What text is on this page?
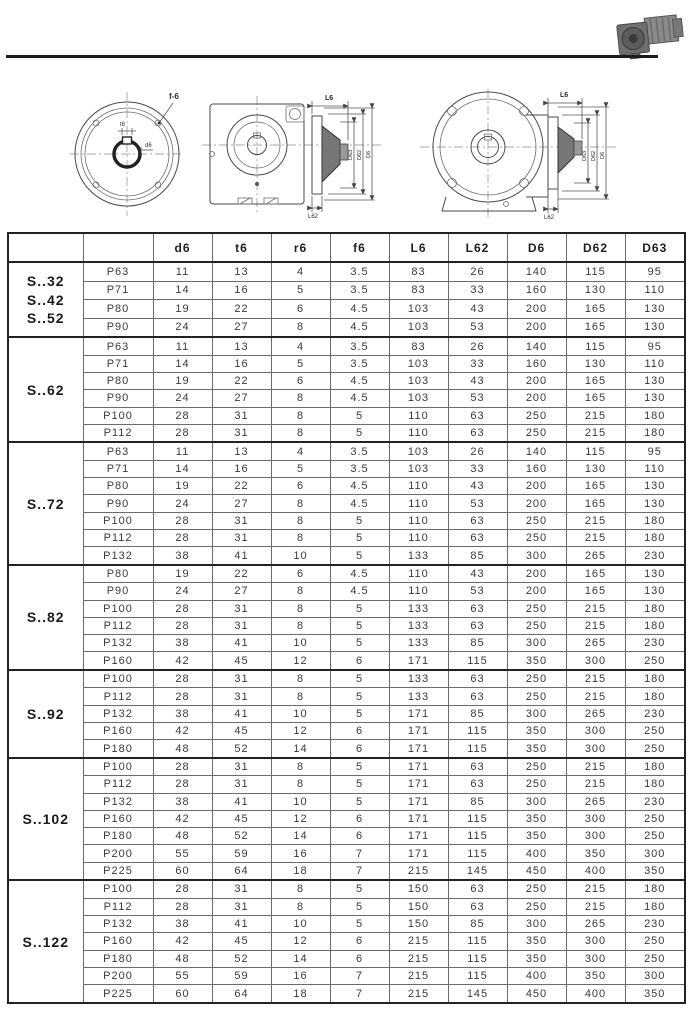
t6
d6
f-6	L6
D63 D62 D6
L62
L6
D63 D62 D6
L62
		d6	t6	r6	f6	L6	L62	D6	D62	D63

S..32
S..42
S..52	P63	11	13	4	3.5	83	26	140	115	95
	P71	14	16	5	3.5	83	33	160	130	110
	P80	19	22	6	4.5	103	43	200	165	130
	P90	24	27	8	4.5	103	53	200	165	130

S..62	P63	11	13	4	3.5	83	26	140	115	95
	P71	14	16	5	3.5	103	33	160	130	110
	P80	19	22	6	4.5	103	43	200	165	130
	P90	24	27	8	4.5	103	53	200	165	130
	P100	28	31	8	5	110	63	250	215	180
	P112	28	31	8	5	110	63	250	215	180

S..72	P63	11	13	4	3.5	103	26	140	115	95
	P71	14	16	5	3.5	103	33	160	130	110
	P80	19	22	6	4.5	110	43	200	165	130
	P90	24	27	8	4.5	110	53	200	165	130
	P100	28	31	8	5	110	63	250	215	180
	P112	28	31	8	5	110	63	250	215	180
	P132	38	41	10	5	133	85	300	265	230

S..82	P80	19	22	6	4.5	110	43	200	165	130
	P90	24	27	8	4.5	110	53	200	165	130
	P100	28	31	8	5	133	63	250	215	180
	P112	28	31	8	5	133	63	250	215	180
	P132	38	41	10	5	133	85	300	265	230
	P160	42	45	12	6	171	115	350	300	250

S..92	P100	28	31	8	5	133	63	250	215	180
	P112	28	31	8	5	133	63	250	215	180
	P132	38	41	10	5	171	85	300	265	230
	P160	42	45	12	6	171	115	350	300	250
	P180	48	52	14	6	171	115	350	300	250

S..102	P100	28	31	8	5	171	63	250	215	180
	P112	28	31	8	5	171	63	250	215	180
	P132	38	41	10	5	171	85	300	265	230
	P160	42	45	12	6	171	115	350	300	250
	P180	48	52	14	6	171	115	350	300	250
	P200	55	59	16	7	171	115	400	350	300
	P225	60	64	18	7	215	145	450	400	350

S..122	P100	28	31	8	5	150	63	250	215	180
	P112	28	31	8	5	150	63	250	215	180
	P132	38	41	10	5	150	85	300	265	230
	P160	42	45	12	6	215	115	350	300	250
	P180	48	52	14	6	215	115	350	300	250
	P200	55	59	16	7	215	115	400	350	300
	P225	60	64	18	7	215	145	450	400	350
